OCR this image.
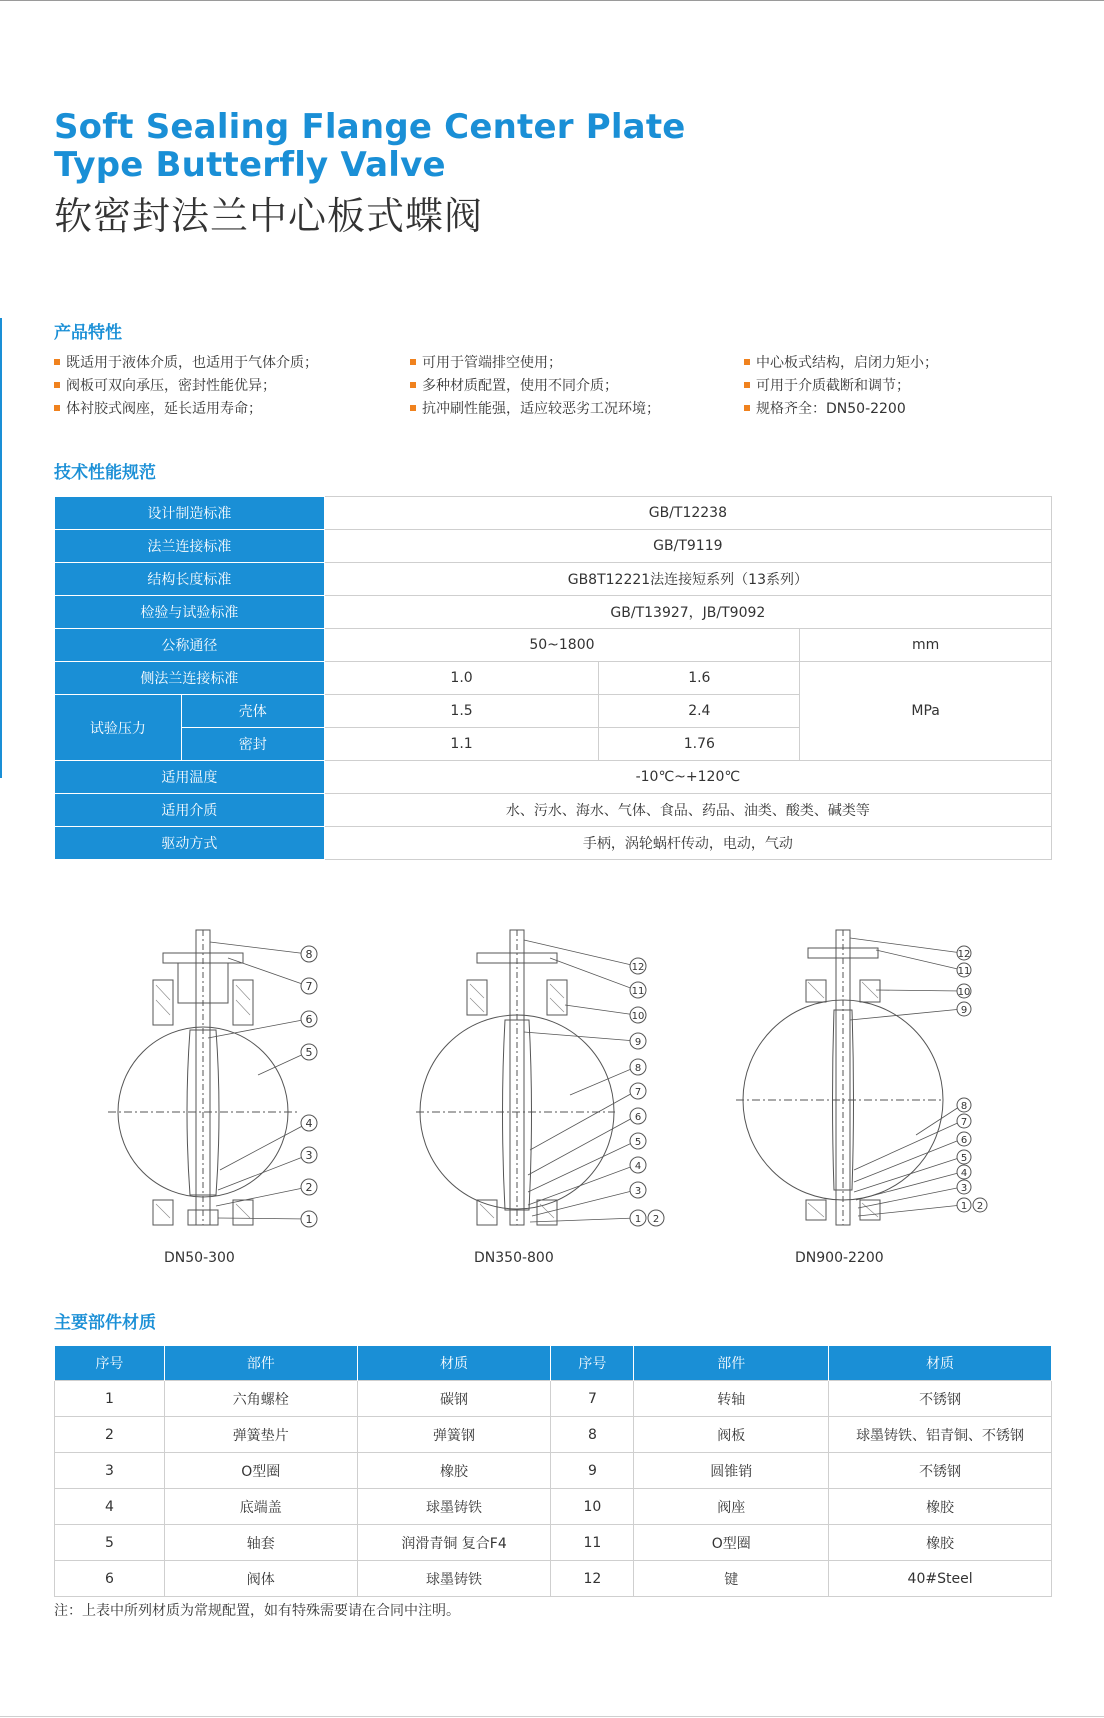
Soft Sealing Flange Center Plate
Type Butterfly Valve
软密封法兰中心板式蝶阀
产品特性
既适用于液体介质，也适用于气体介质；	可用于管端排空使用；	中心板式结构，启闭力矩小；
阀板可双向承压，密封性能优异；	多种材质配置，使用不同介质；	可用于介质截断和调节；
体衬胶式阀座，延长适用寿命；	抗冲刷性能强，适应较恶劣工况环境；	规格齐全：DN50-2200
技术性能规范
设计制造标准		GB/T12238		
法兰连接标准		GB/T9119		
结构长度标准		GB8T12221法连接短系列（13系列）		
检验与试验标准		GB/T13927，JB/T9092		
公称通径		50~1800		mm
侧法兰连接标准		1.0	1.6	MPa
试验压力	壳体	1.5	2.4	
	密封	1.1	1.76	
适用温度		-10℃~+120℃		
适用介质		水、污水、海水、气体、食品、药品、油类、酸类、碱类等		
驱动方式		手柄，涡轮蜗杆传动，电动，气动		
8
7
6
5
4
3
2
1
DN50-300
12
11
10
9
8
7
6
5
4
3
1 2
DN350-800
12
11
10
9
8
7
6
5
4
3
1 2
DN900-2200
主要部件材质
序号	部件	材质	序号	部件	材质
1	六角螺栓	碳钢	7	转轴	不锈钢
2	弹簧垫片	弹簧钢	8	阀板	球墨铸铁、铝青铜、不锈钢
3	O型圈	橡胶	9	圆锥销	不锈钢
4	底端盖	球墨铸铁	10	阀座	橡胶
5	轴套	润滑青铜 复合F4	11	O型圈	橡胶
6	阀体	球墨铸铁	12	键	40#Steel
注：上表中所列材质为常规配置，如有特殊需要请在合同中注明。
